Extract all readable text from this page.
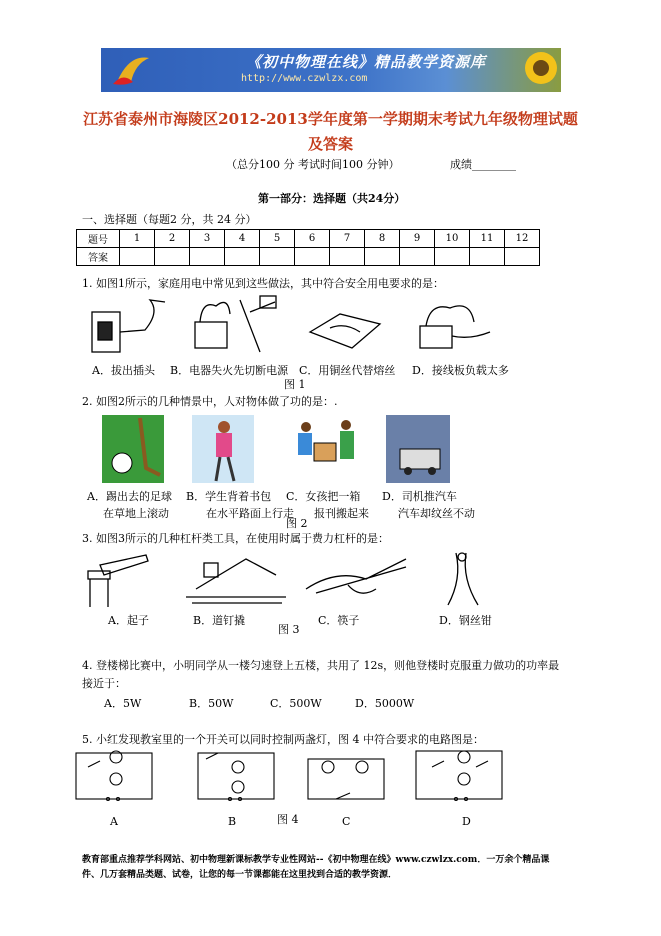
《初中物理在线》精品教学资源库
http://www.czwlzx.com
江苏省泰州市海陵区2012-2013学年度第一学期期末考试九年级物理试题
及答案
（总分100 分 考试时间100 分钟）	成绩________
第一部分：选择题（共24分）
一、选择题（每题2 分，共 24 分）
题号	1	2	3	4	5	6	7	8	9	10	11	12
答案												
1. 如图1所示，家庭用电中常见到这些做法，其中符合安全用电要求的是：
A．拔出插头 B．电器失火先切断电源 C．用铜丝代替熔丝 D．接线板负载太多
图 1
2. 如图2所示的几种情景中，人对物体做了功的是：.
A．踢出去的足球 B．学生背着书包 C．女孩把一箱 D．司机推汽车
在草地上滚动	在水平路面上行走 报刊搬起来	汽车却纹丝不动
图 2
3. 如图3所示的几种杠杆类工具，在使用时属于费力杠杆的是：
A．起子	B．道钉撬	C．筷子	D．钢丝钳
图 3
4. 登楼梯比赛中，小明同学从一楼匀速登上五楼，共用了 12s，则他登楼时克服重力做功的功率最
接近于：
A．5W	B．50W	C．500W	D．5000W
5. 小红发现教室里的一个开关可以同时控制两盏灯，图 4 中符合要求的电路图是：
A	B	C	D
图 4
教育部重点推荐学科网站、初中物理新课标教学专业性网站--《初中物理在线》www.czwlzx.com．一万余个精品课
件、几万套精品类题、试卷，让您的每一节课都能在这里找到合适的教学资源．
